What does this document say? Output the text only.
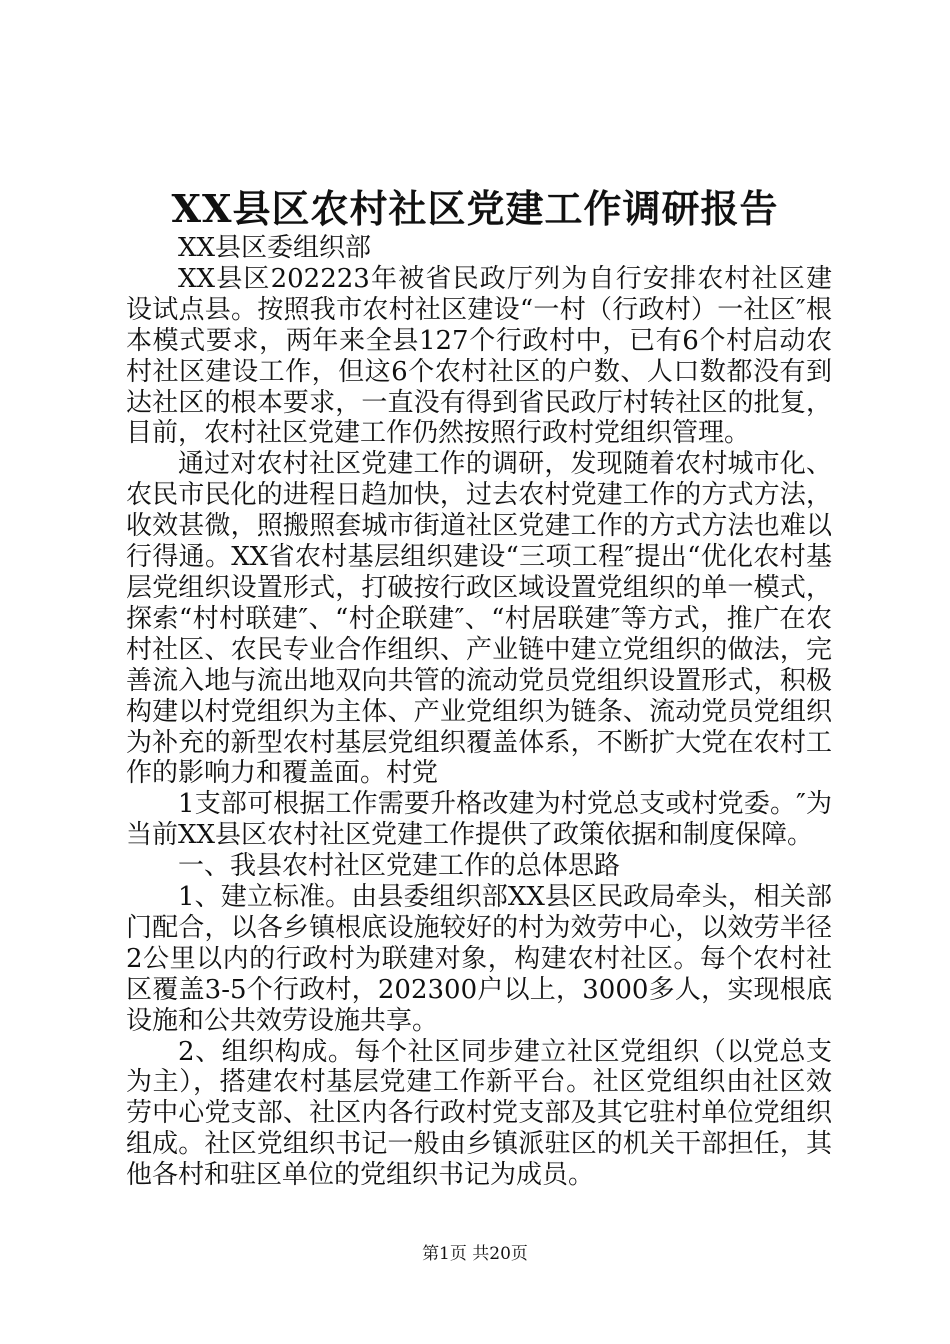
XX县区农村社区党建工作调研报告

XX县区委组织部

XX县区202223年被省民政厅列为自行安排农村社区建设试点县。按照我市农村社区建设“一村（行政村）一社区″根本模式要求，两年来全县127个行政村中，已有6个村启动农村社区建设工作，但这6个农村社区的户数、人口数都没有到达社区的根本要求，一直没有得到省民政厅村转社区的批复，目前，农村社区党建工作仍然按照行政村党组织管理。

通过对农村社区党建工作的调研，发现随着农村城市化、农民市民化的进程日趋加快，过去农村党建工作的方式方法，收效甚微，照搬照套城市街道社区党建工作的方式方法也难以行得通。XX省农村基层组织建设“三项工程″提出“优化农村基层党组织设置形式，打破按行政区域设置党组织的单一模式，探索“村村联建″、“村企联建″、“村居联建″等方式，推广在农村社区、农民专业合作组织、产业链中建立党组织的做法，完善流入地与流出地双向共管的流动党员党组织设置形式，积极构建以村党组织为主体、产业党组织为链条、流动党员党组织为补充的新型农村基层党组织覆盖体系，不断扩大党在农村工作的影响力和覆盖面。村党

1支部可根据工作需要升格改建为村党总支或村党委。″为当前XX县区农村社区党建工作提供了政策依据和制度保障。

一、我县农村社区党建工作的总体思路

1、建立标准。由县委组织部XX县区民政局牵头，相关部门配合，以各乡镇根底设施较好的村为效劳中心，以效劳半径2公里以内的行政村为联建对象，构建农村社区。每个农村社区覆盖3-5个行政村，202300户以上，3000多人，实现根底设施和公共效劳设施共享。

2、组织构成。每个社区同步建立社区党组织（以党总支为主），搭建农村基层党建工作新平台。社区党组织由社区效劳中心党支部、社区内各行政村党支部及其它驻村单位党组织组成。社区党组织书记一般由乡镇派驻区的机关干部担任，其他各村和驻区单位的党组织书记为成员。

第1页 共20页
